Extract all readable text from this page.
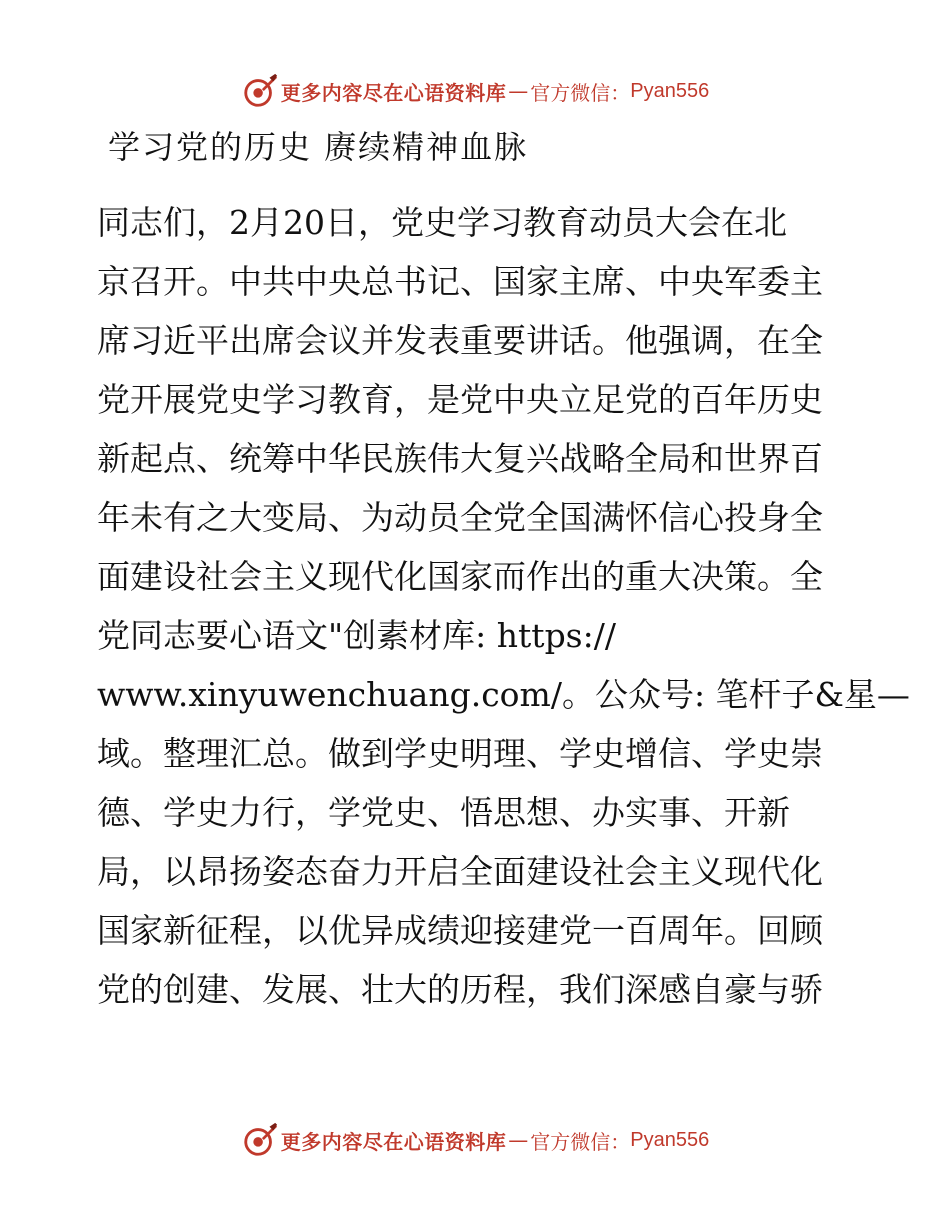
更多内容尽在心语资料库 — 官方微信： Pyan556
学习党的历史 赓续精神血脉
同志们，2月20日，党史学习教育动员大会在北
京召开。中共中央总书记、国家主席、中央军委主
席习近平出席会议并发表重要讲话。他强调，在全
党开展党史学习教育，是党中央立足党的百年历史
新起点、统筹中华民族伟大复兴战略全局和世界百
年未有之大变局、为动员全党全国满怀信心投身全
面建设社会主义现代化国家而作出的重大决策。全
党同志要心语文"创素材库: https://
www.xinyuwenchuang.com/。公众号: 笔杆子&星—
域。整理汇总。做到学史明理、学史增信、学史崇
德、学史力行，学党史、悟思想、办实事、开新
局，以昂扬姿态奋力开启全面建设社会主义现代化
国家新征程，以优异成绩迎接建党一百周年。回顾
党的创建、发展、壮大的历程，我们深感自豪与骄
更多内容尽在心语资料库 — 官方微信： Pyan556
